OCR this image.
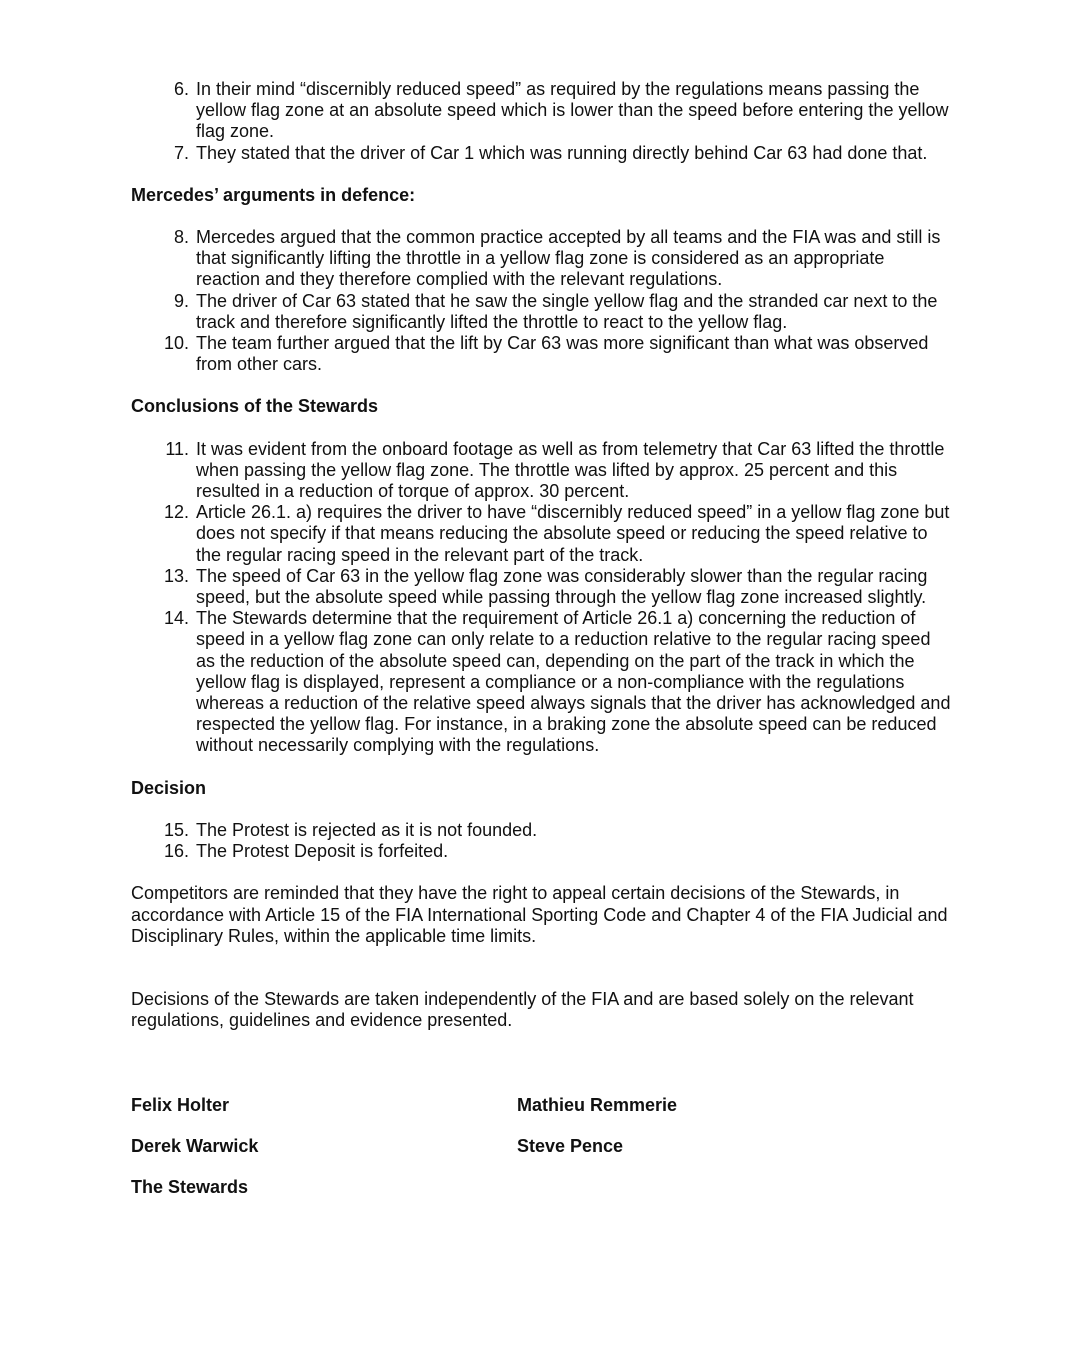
6. In their mind “discernibly reduced speed” as required by the regulations means passing the yellow flag zone at an absolute speed which is lower than the speed before entering the yellow flag zone.
7. They stated that the driver of Car 1 which was running directly behind Car 63 had done that.

Mercedes’ arguments in defence:

8. Mercedes argued that the common practice accepted by all teams and the FIA was and still is that significantly lifting the throttle in a yellow flag zone is considered as an appropriate reaction and they therefore complied with the relevant regulations.
9. The driver of Car 63 stated that he saw the single yellow flag and the stranded car next to the track and therefore significantly lifted the throttle to react to the yellow flag.
10. The team further argued that the lift by Car 63 was more significant than what was observed from other cars.

Conclusions of the Stewards

11. It was evident from the onboard footage as well as from telemetry that Car 63 lifted the throttle when passing the yellow flag zone. The throttle was lifted by approx. 25 percent and this resulted in a reduction of torque of approx. 30 percent.
12. Article 26.1. a) requires the driver to have “discernibly reduced speed” in a yellow flag zone but does not specify if that means reducing the absolute speed or reducing the speed relative to the regular racing speed in the relevant part of the track.
13. The speed of Car 63 in the yellow flag zone was considerably slower than the regular racing speed, but the absolute speed while passing through the yellow flag zone increased slightly.
14. The Stewards determine that the requirement of Article 26.1 a) concerning the reduction of speed in a yellow flag zone can only relate to a reduction relative to the regular racing speed as the reduction of the absolute speed can, depending on the part of the track in which the yellow flag is displayed, represent a compliance or a non-compliance with the regulations whereas a reduction of the relative speed always signals that the driver has acknowledged and respected the yellow flag. For instance, in a braking zone the absolute speed can be reduced without necessarily complying with the regulations.

Decision

15. The Protest is rejected as it is not founded.
16. The Protest Deposit is forfeited.

Competitors are reminded that they have the right to appeal certain decisions of the Stewards, in accordance with Article 15 of the FIA International Sporting Code and Chapter 4 of the FIA Judicial and Disciplinary Rules, within the applicable time limits.

Decisions of the Stewards are taken independently of the FIA and are based solely on the relevant regulations, guidelines and evidence presented.

Felix Holter	Mathieu Remmerie
Derek Warwick	Steve Pence
The Stewards
